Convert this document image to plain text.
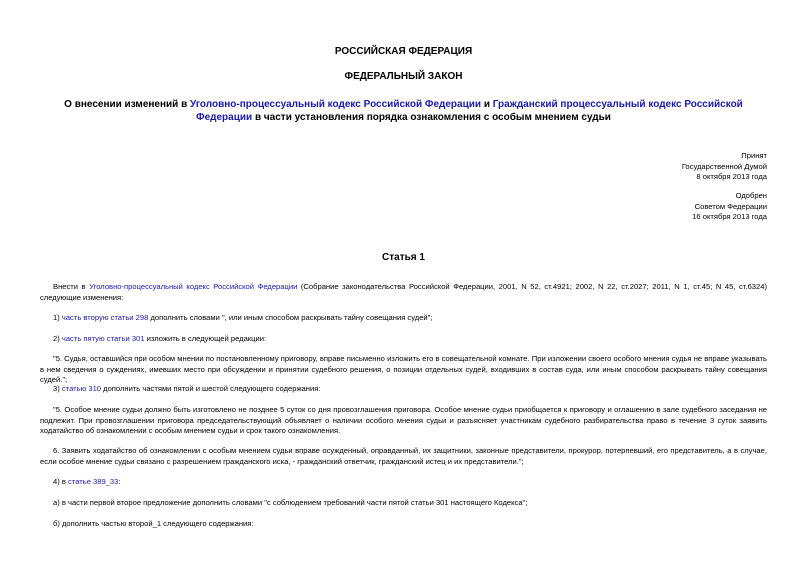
РОССИЙСКАЯ ФЕДЕРАЦИЯ
ФЕДЕРАЛЬНЫЙ ЗАКОН
О внесении изменений в Уголовно-процессуальный кодекс Российской Федерации и Гражданский процессуальный кодекс Российской Федерации в части установления порядка ознакомления с особым мнением судьи
Принят
Государственной Думой
8 октября 2013 года
Одобрен
Советом Федерации
16 октября 2013 года
Статья 1
Внести в Уголовно-процессуальный кодекс Российской Федерации (Собрание законодательства Российской Федерации, 2001, N 52, ст.4921; 2002, N 22, ст.2027; 2011, N 1, ст.45; N 45, ст.6324) следующие изменения:
1) часть вторую статьи 298 дополнить словами ", или иным способом раскрывать тайну совещания судей";
2) часть пятую статьи 301 изложить в следующей редакции:
"5. Судья, оставшийся при особом мнении по постановленному приговору, вправе письменно изложить его в совещательной комнате. При изложении своего особого мнения судья не вправе указывать в нем сведения о суждениях, имевших место при обсуждении и принятии судебного решения, о позиции отдельных судей, входивших в состав суда, или иным способом раскрывать тайну совещания судей.";
3) статью 310 дополнить частями пятой и шестой следующего содержания:
"5. Особое мнение судьи должно быть изготовлено не позднее 5 суток со дня провозглашения приговора. Особое мнение судьи приобщается к приговору и оглашению в зале судебного заседания не подлежит. При провозглашении приговора председательствующий объявляет о наличии особого мнения судьи и разъясняет участникам судебного разбирательства право в течение 3 суток заявить ходатайство об ознакомлении с особым мнением судьи и срок такого ознакомления.
6. Заявить ходатайство об ознакомлении с особым мнением судьи вправе осужденный, оправданный, их защитники, законные представители, прокурор, потерпевший, его представитель, а в случае, если особое мнение судьи связано с разрешением гражданского иска, - гражданский ответчик, гражданский истец и их представители.";
4) в статье 389_33:
а) в части первой второе предложение дополнить словами "с соблюдением требований части пятой статьи 301 настоящего Кодекса";
б) дополнить частью второй_1 следующего содержания:
